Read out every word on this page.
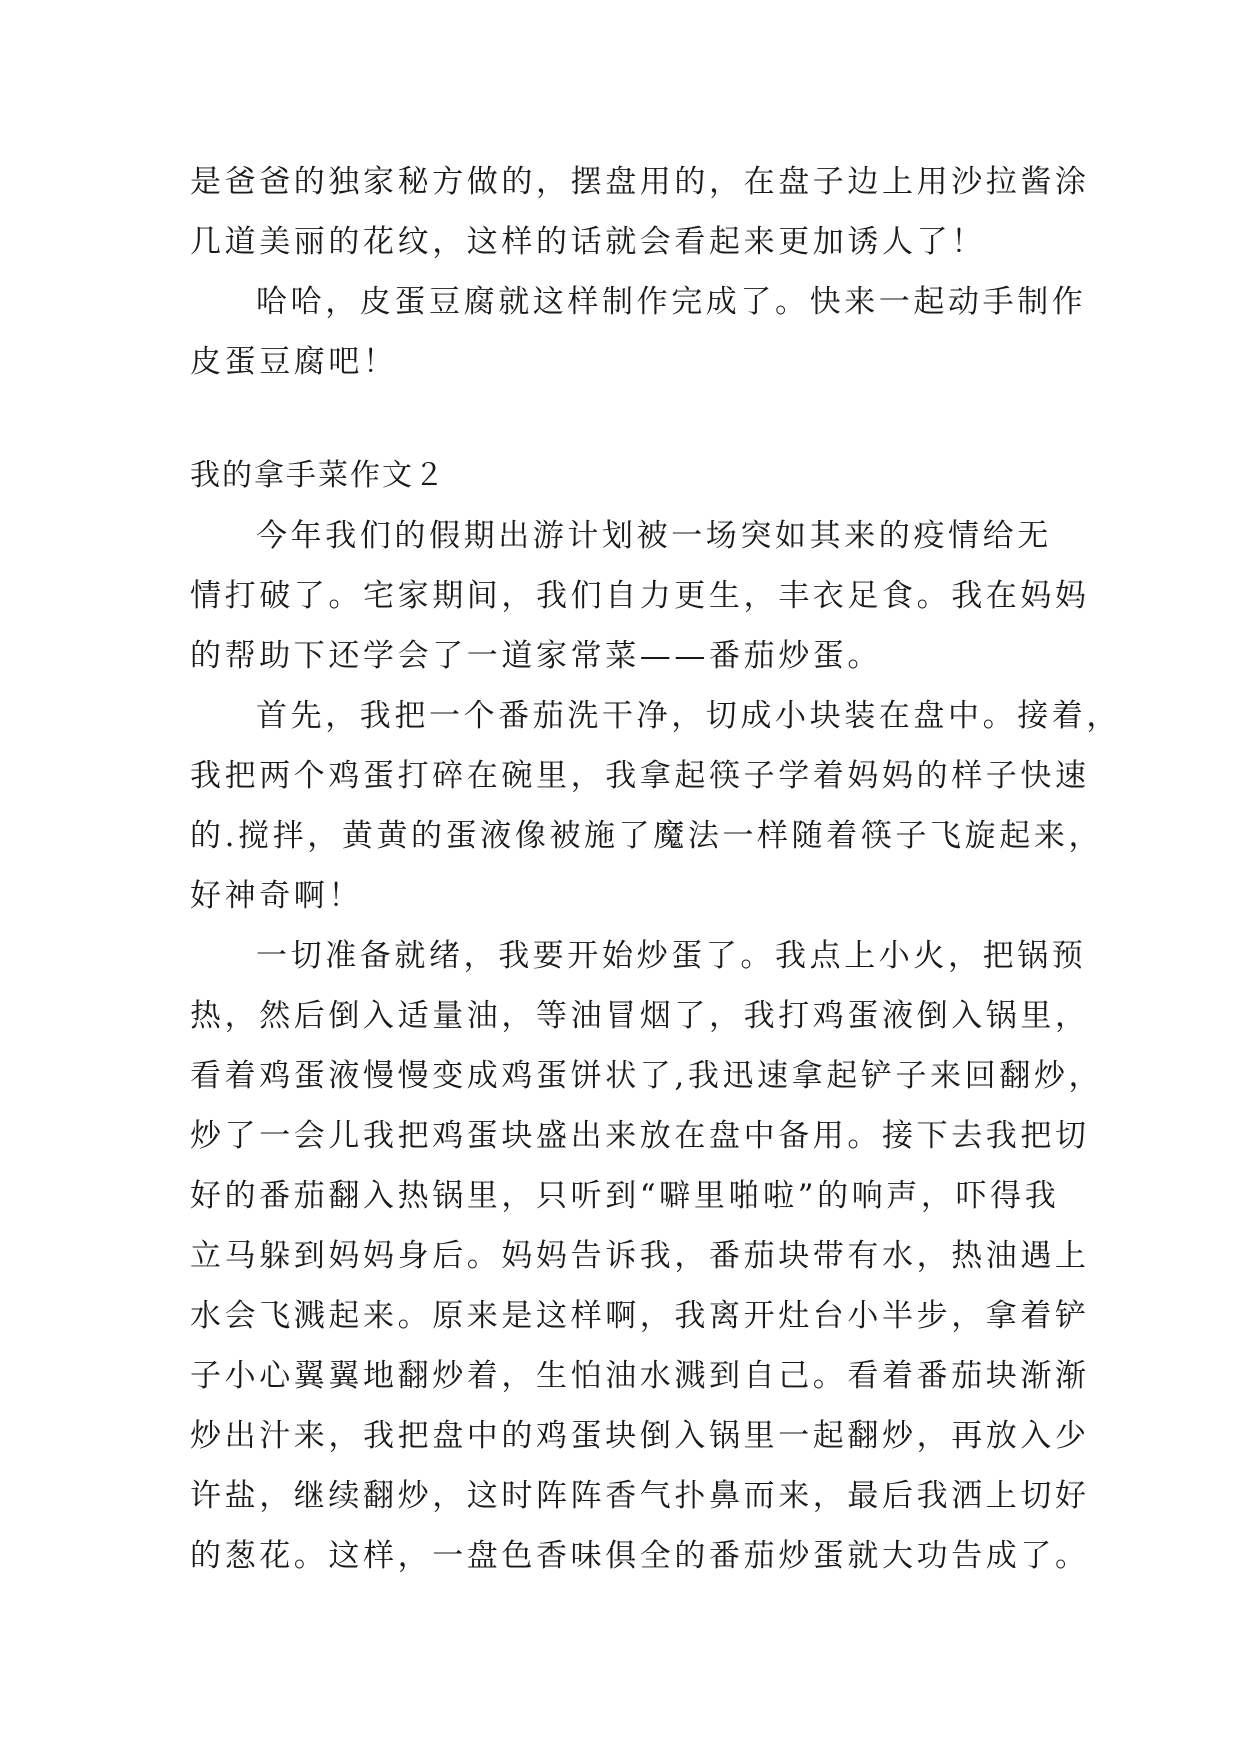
是爸爸的独家秘方做的，摆盘用的，在盘子边上用沙拉酱涂
几道美丽的花纹，这样的话就会看起来更加诱人了！
哈哈，皮蛋豆腐就这样制作完成了。快来一起动手制作
皮蛋豆腐吧！
我的拿手菜作文２
今年我们的假期出游计划被一场突如其来的疫情给无
情打破了。宅家期间，我们自力更生，丰衣足食。我在妈妈
的帮助下还学会了一道家常菜——番茄炒蛋。
首先，我把一个番茄洗干净，切成小块装在盘中。接着，
我把两个鸡蛋打碎在碗里，我拿起筷子学着妈妈的样子快速
的.搅拌，黄黄的蛋液像被施了魔法一样随着筷子飞旋起来，
好神奇啊！
一切准备就绪，我要开始炒蛋了。我点上小火，把锅预
热，然后倒入适量油，等油冒烟了，我打鸡蛋液倒入锅里，
看着鸡蛋液慢慢变成鸡蛋饼状了,我迅速拿起铲子来回翻炒，
炒了一会儿我把鸡蛋块盛出来放在盘中备用。接下去我把切
好的番茄翻入热锅里，只听到“噼里啪啦”的响声，吓得我
立马躲到妈妈身后。妈妈告诉我，番茄块带有水，热油遇上
水会飞溅起来。原来是这样啊，我离开灶台小半步，拿着铲
子小心翼翼地翻炒着，生怕油水溅到自己。看着番茄块渐渐
炒出汁来，我把盘中的鸡蛋块倒入锅里一起翻炒，再放入少
许盐，继续翻炒，这时阵阵香气扑鼻而来，最后我洒上切好
的葱花。这样，一盘色香味俱全的番茄炒蛋就大功告成了。
